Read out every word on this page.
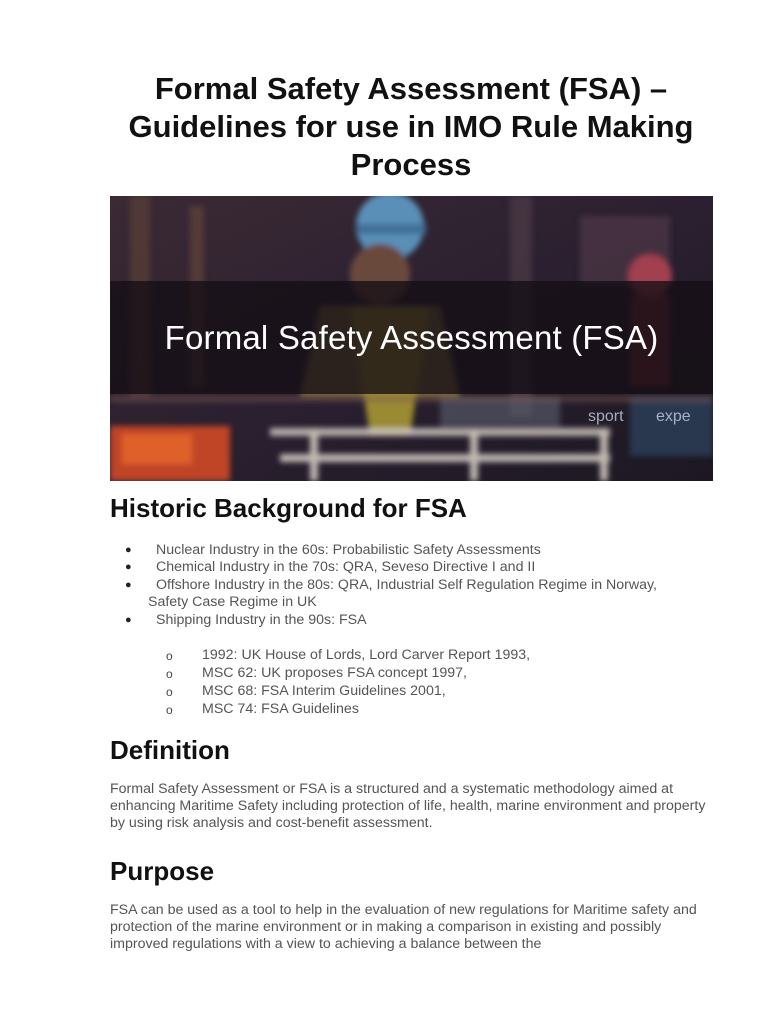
Formal Safety Assessment (FSA) – Guidelines for use in IMO Rule Making Process
sport expe
Formal Safety Assessment (FSA)
Historic Background for FSA
● Nuclear Industry in the 60s: Probabilistic Safety Assessments
● Chemical Industry in the 70s: QRA, Seveso Directive I and II
● Offshore Industry in the 80s: QRA, Industrial Self Regulation Regime in Norway,
Safety Case Regime in UK
● Shipping Industry in the 90s: FSA
o 1992: UK House of Lords, Lord Carver Report 1993,
o MSC 62: UK proposes FSA concept 1997,
o MSC 68: FSA Interim Guidelines 2001,
o MSC 74: FSA Guidelines
Definition

Formal Safety Assessment or FSA is a structured and a systematic methodology aimed at enhancing Maritime Safety including protection of life, health, marine environment and property by using risk analysis and cost-benefit assessment.

Purpose

FSA can be used as a tool to help in the evaluation of new regulations for Maritime safety and protection of the marine environment or in making a comparison in existing and possibly improved regulations with a view to achieving a balance between the
